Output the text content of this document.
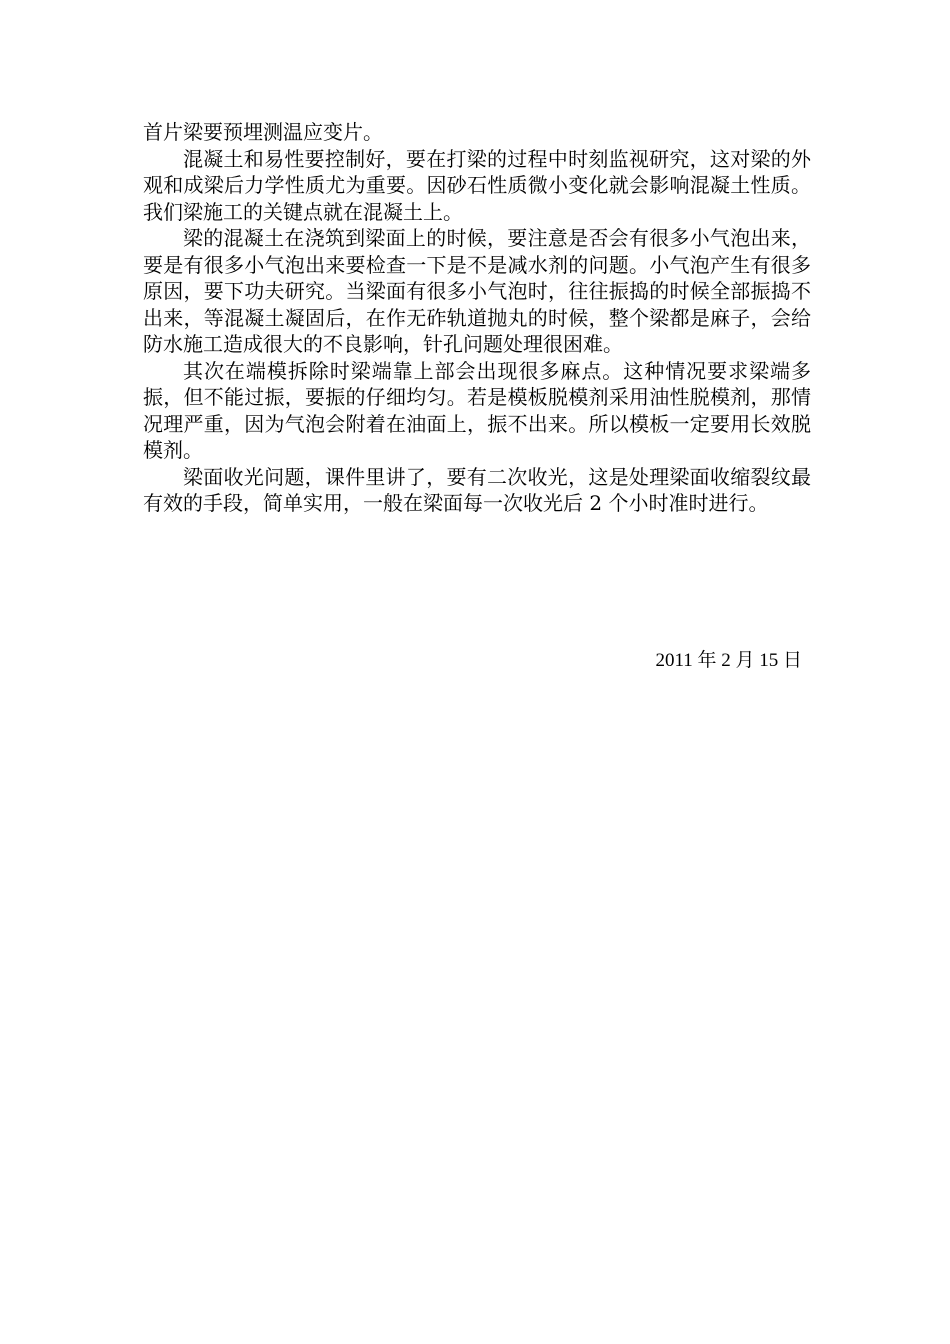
首片梁要预埋测温应变片。

混凝土和易性要控制好，要在打梁的过程中时刻监视研究，这对梁的外观和成梁后力学性质尤为重要。因砂石性质微小变化就会影响混凝土性质。我们梁施工的关键点就在混凝土上。

梁的混凝土在浇筑到梁面上的时候，要注意是否会有很多小气泡出来，要是有很多小气泡出来要检查一下是不是减水剂的问题。小气泡产生有很多原因，要下功夫研究。当梁面有很多小气泡时，往往振捣的时候全部振捣不出来，等混凝土凝固后，在作无砟轨道抛丸的时候，整个梁都是麻子，会给防水施工造成很大的不良影响，针孔问题处理很困难。

其次在端模拆除时梁端靠上部会出现很多麻点。这种情况要求梁端多振，但不能过振，要振的仔细均匀。若是模板脱模剂采用油性脱模剂，那情况理严重，因为气泡会附着在油面上，振不出来。所以模板一定要用长效脱模剂。

梁面收光问题，课件里讲了，要有二次收光，这是处理梁面收缩裂纹最有效的手段，简单实用，一般在梁面每一次收光后 2 个小时准时进行。

2011 年 2 月 15 日
